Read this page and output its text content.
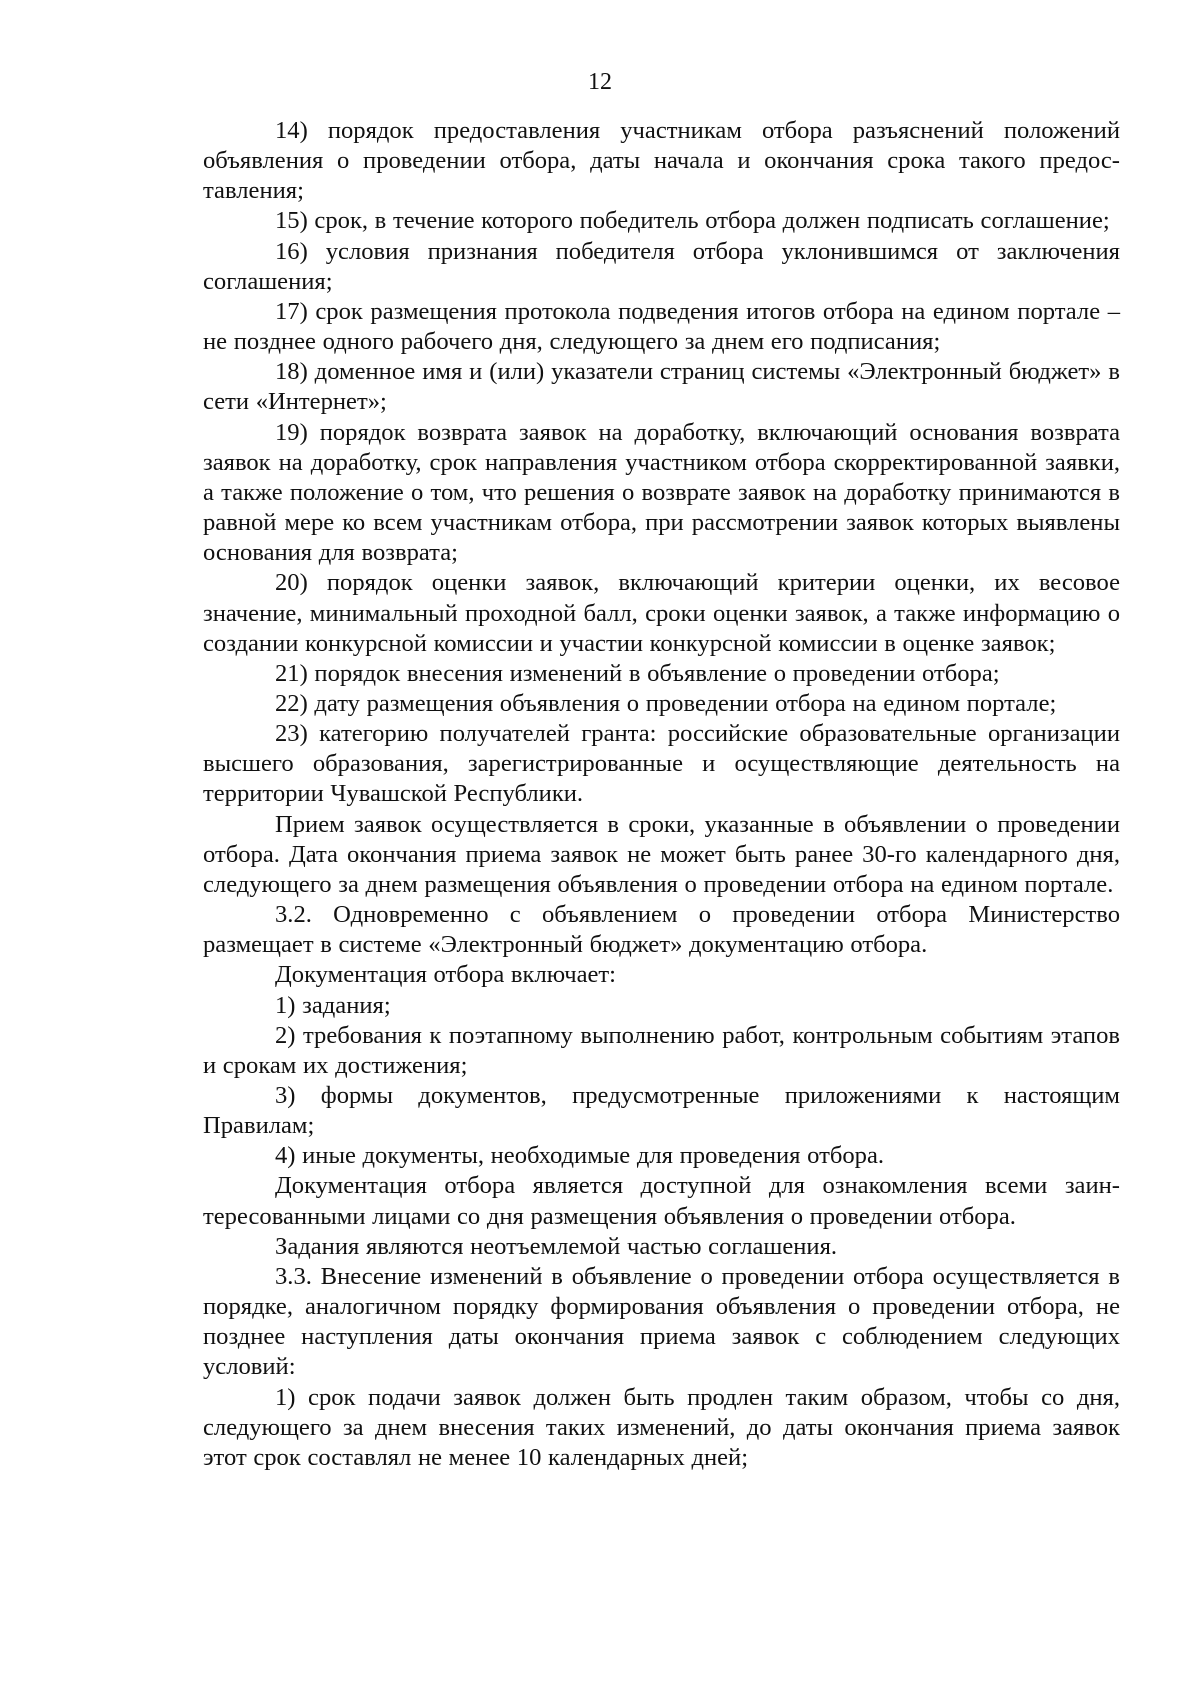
12

14) порядок предоставления участникам отбора разъяснений положений объявления о проведении отбора, даты начала и окончания срока такого предоставления;

15) срок, в течение которого победитель отбора должен подписать соглашение;

16) условия признания победителя отбора уклонившимся от заключения соглашения;

17) срок размещения протокола подведения итогов отбора на едином портале – не позднее одного рабочего дня, следующего за днем его подписания;

18) доменное имя и (или) указатели страниц системы «Электронный бюджет» в сети «Интернет»;

19) порядок возврата заявок на доработку, включающий основания возврата заявок на доработку, срок направления участником отбора скорректированной заявки, а также положение о том, что решения о возврате заявок на доработку принимаются в равной мере ко всем участникам отбора, при рассмотрении заявок которых выявлены основания для возврата;

20) порядок оценки заявок, включающий критерии оценки, их весовое значение, минимальный проходной балл, сроки оценки заявок, а также информацию о создании конкурсной комиссии и участии конкурсной комиссии в оценке заявок;

21) порядок внесения изменений в объявление о проведении отбора;

22) дату размещения объявления о проведении отбора на едином портале;

23) категорию получателей гранта: российские образовательные организации высшего образования, зарегистрированные и осуществляющие деятельность на территории Чувашской Республики.

Прием заявок осуществляется в сроки, указанные в объявлении о проведении отбора. Дата окончания приема заявок не может быть ранее 30-го календарного дня, следующего за днем размещения объявления о проведении отбора на едином портале.

3.2. Одновременно с объявлением о проведении отбора Министерство размещает в системе «Электронный бюджет» документацию отбора.

Документация отбора включает:

1) задания;

2) требования к поэтапному выполнению работ, контрольным событиям этапов и срокам их достижения;

3) формы документов, предусмотренные приложениями к настоящим Правилам;

4) иные документы, необходимые для проведения отбора.

Документация отбора является доступной для ознакомления всеми заинтересованными лицами со дня размещения объявления о проведении отбора.

Задания являются неотъемлемой частью соглашения.

3.3. Внесение изменений в объявление о проведении отбора осуществляется в порядке, аналогичном порядку формирования объявления о проведении отбора, не позднее наступления даты окончания приема заявок с соблюдением следующих условий:

1) срок подачи заявок должен быть продлен таким образом, чтобы со дня, следующего за днем внесения таких изменений, до даты окончания приема заявок этот срок составлял не менее 10 календарных дней;
